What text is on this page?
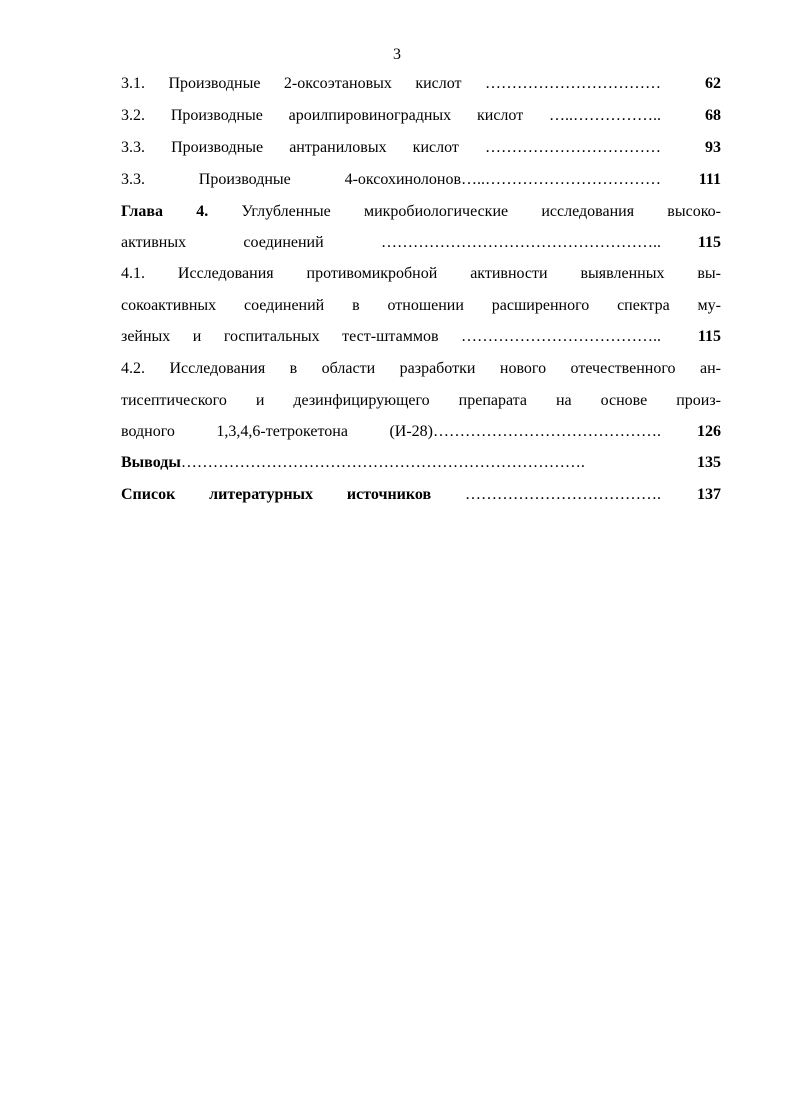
3
3.1. Производные 2-оксоэтановых кислот ……………………………	62
3.2. Производные ароилпировиноградных кислот …..……………..	68
3.3. Производные антраниловых кислот ……………………………	93
3.3. Производные 4-оксохинолонов…..……………………………	111
Глава 4. Углубленные микробиологические исследования высоко-
активных соединений ……………………………………………..	115
4.1. Исследования противомикробной активности выявленных вы-
сокоактивных соединений в отношении расширенного спектра му-
зейных и госпитальных тест-штаммов ………………………………..	115
4.2. Исследования в области разработки нового отечественного ан-
тисептического и дезинфицирующего препарата на основе произ-
водного 1,3,4,6-тетрокетона (И-28)…………………………………….	126
Выводы………………………………………………………………….	135
Список литературных источников ……………………………….	137
